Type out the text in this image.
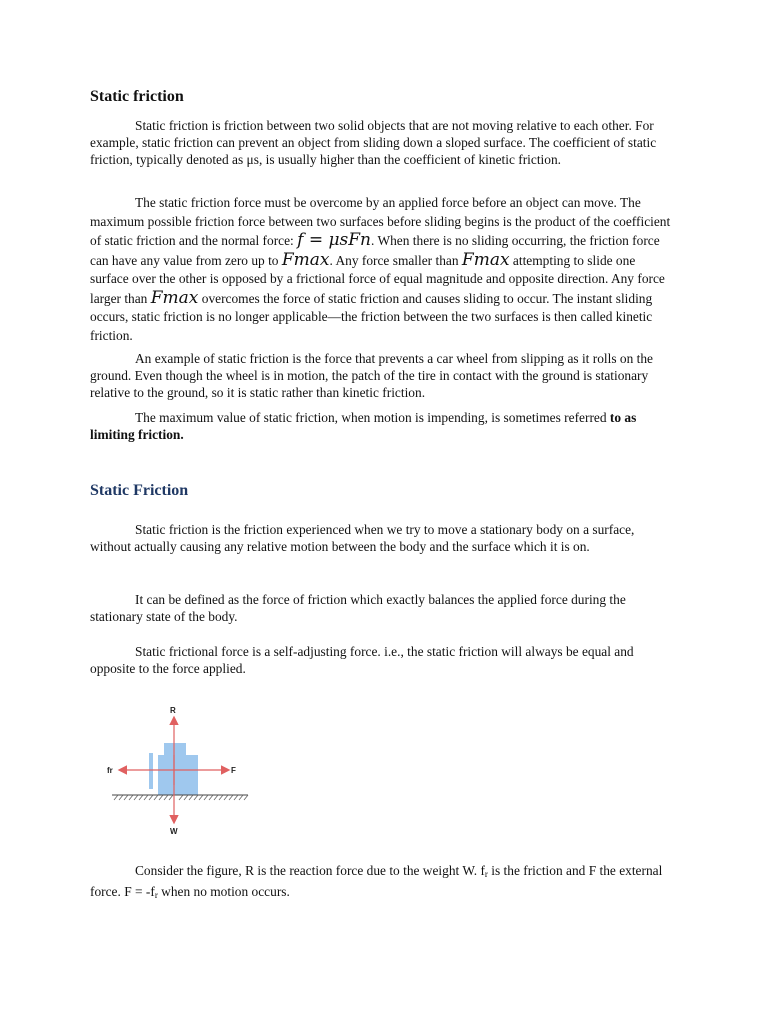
Static friction

Static friction is friction between two solid objects that are not moving relative to each other. For example, static friction can prevent an object from sliding down a sloped surface. The coefficient of static friction, typically denoted as μs, is usually higher than the coefficient of kinetic friction.

The static friction force must be overcome by an applied force before an object can move. The maximum possible friction force between two surfaces before sliding begins is the product of the coefficient of static friction and the normal force: f = μsFn. When there is no sliding occurring, the friction force can have any value from zero up to Fmax. Any force smaller than Fmax attempting to slide one surface over the other is opposed by a frictional force of equal magnitude and opposite direction. Any force larger than Fmax overcomes the force of static friction and causes sliding to occur. The instant sliding occurs, static friction is no longer applicable—the friction between the two surfaces is then called kinetic friction.

An example of static friction is the force that prevents a car wheel from slipping as it rolls on the ground. Even though the wheel is in motion, the patch of the tire in contact with the ground is stationary relative to the ground, so it is static rather than kinetic friction.

The maximum value of static friction, when motion is impending, is sometimes referred to as limiting friction.

Static Friction

Static friction is the friction experienced when we try to move a stationary body on a surface, without actually causing any relative motion between the body and the surface which it is on.

It can be defined as the force of friction which exactly balances the applied force during the stationary state of the body.

Static frictional force is a self-adjusting force. i.e., the static friction will always be equal and opposite to the force applied.

Consider the figure, R is the reaction force due to the weight W. $f_r$ is the friction and F the external force. $F = -f_r$ when no motion occurs.

R
W
F
fr
